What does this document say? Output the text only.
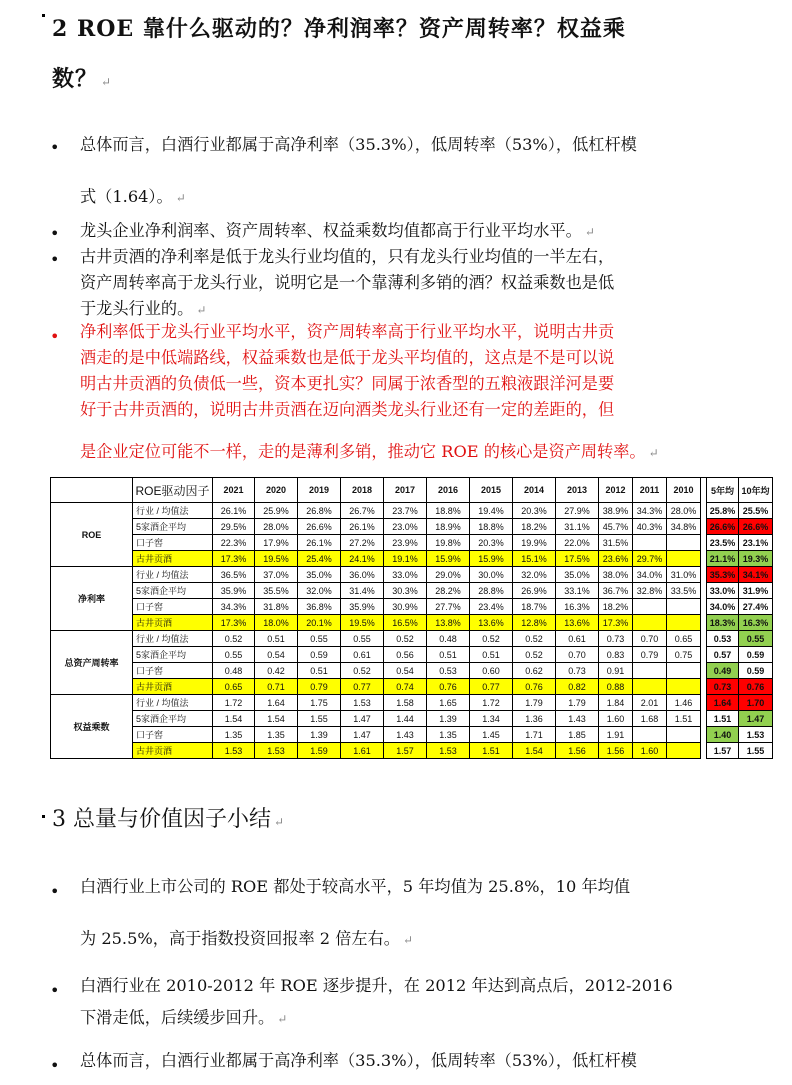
2 ROE 靠什么驱动的？净利润率？资产周转率？权益乘
数？ ↵
• 总体而言，白酒行业都属于高净利率（35.3%），低周转率（53%），低杠杆模
式（1.64）。 ↵
• 龙头企业净利润率、资产周转率、权益乘数均值都高于行业平均水平。 ↵
• 古井贡酒的净利率是低于龙头行业均值的，只有龙头行业均值的一半左右，
资产周转率高于龙头行业，说明它是一个靠薄利多销的酒？权益乘数也是低
于龙头行业的。 ↵
• 净利率低于龙头行业平均水平，资产周转率高于行业平均水平，说明古井贡
酒走的是中低端路线，权益乘数也是低于龙头平均值的，这点是不是可以说
明古井贡酒的负债低一些，资本更扎实？同属于浓香型的五粮液跟洋河是要
好于古井贡酒的，说明古井贡酒在迈向酒类龙头行业还有一定的差距的，但
是企业定位可能不一样，走的是薄利多销，推动它 ROE 的核心是资产周转率。 ↵
	ROE驱动因子	2021	2020	2019	2018	2017	2016	2015	2014	2013	2012	2011	2010		5年均	10年均
ROE	行业 / 均值法	26.1%	25.9%	26.8%	26.7%	23.7%	18.8%	19.4%	20.3%	27.9%	38.9%	34.3%	28.0%		25.8%	25.5%
	5家酒企平均	29.5%	28.0%	26.6%	26.1%	23.0%	18.9%	18.8%	18.2%	31.1%	45.7%	40.3%	34.8%		26.6%	26.6%
	口子窖	22.3%	17.9%	26.1%	27.2%	23.9%	19.8%	20.3%	19.9%	22.0%	31.5%				23.5%	23.1%
	古井贡酒	17.3%	19.5%	25.4%	24.1%	19.1%	15.9%	15.9%	15.1%	17.5%	23.6%	29.7%			21.1%	19.3%
净利率	行业 / 均值法	36.5%	37.0%	35.0%	36.0%	33.0%	29.0%	30.0%	32.0%	35.0%	38.0%	34.0%	31.0%		35.3%	34.1%
	5家酒企平均	35.9%	35.5%	32.0%	31.4%	30.3%	28.2%	28.8%	26.9%	33.1%	36.7%	32.8%	33.5%		33.0%	31.9%
	口子窖	34.3%	31.8%	36.8%	35.9%	30.9%	27.7%	23.4%	18.7%	16.3%	18.2%				34.0%	27.4%
	古井贡酒	17.3%	18.0%	20.1%	19.5%	16.5%	13.8%	13.6%	12.8%	13.6%	17.3%				18.3%	16.3%
总资产周转率	行业 / 均值法	0.52	0.51	0.55	0.55	0.52	0.48	0.52	0.52	0.61	0.73	0.70	0.65		0.53	0.55
	5家酒企平均	0.55	0.54	0.59	0.61	0.56	0.51	0.51	0.52	0.70	0.83	0.79	0.75		0.57	0.59
	口子窖	0.48	0.42	0.51	0.52	0.54	0.53	0.60	0.62	0.73	0.91				0.49	0.59
	古井贡酒	0.65	0.71	0.79	0.77	0.74	0.76	0.77	0.76	0.82	0.88				0.73	0.76
权益乘数	行业 / 均值法	1.72	1.64	1.75	1.53	1.58	1.65	1.72	1.79	1.79	1.84	2.01	1.46		1.64	1.70
	5家酒企平均	1.54	1.54	1.55	1.47	1.44	1.39	1.34	1.36	1.43	1.60	1.68	1.51		1.51	1.47
	口子窖	1.35	1.35	1.39	1.47	1.43	1.35	1.45	1.71	1.85	1.91				1.40	1.53
	古井贡酒	1.53	1.53	1.59	1.61	1.57	1.53	1.51	1.54	1.56	1.56	1.60			1.57	1.55
3 总量与价值因子小结 ↵
• 白酒行业上市公司的 ROE 都处于较高水平，5 年均值为 25.8%，10 年均值
为 25.5%，高于指数投资回报率 2 倍左右。 ↵
• 白酒行业在 2010-2012 年 ROE 逐步提升，在 2012 年达到高点后，2012-2016
下滑走低，后续缓步回升。 ↵
• 总体而言，白酒行业都属于高净利率（35.3%），低周转率（53%），低杠杆模
